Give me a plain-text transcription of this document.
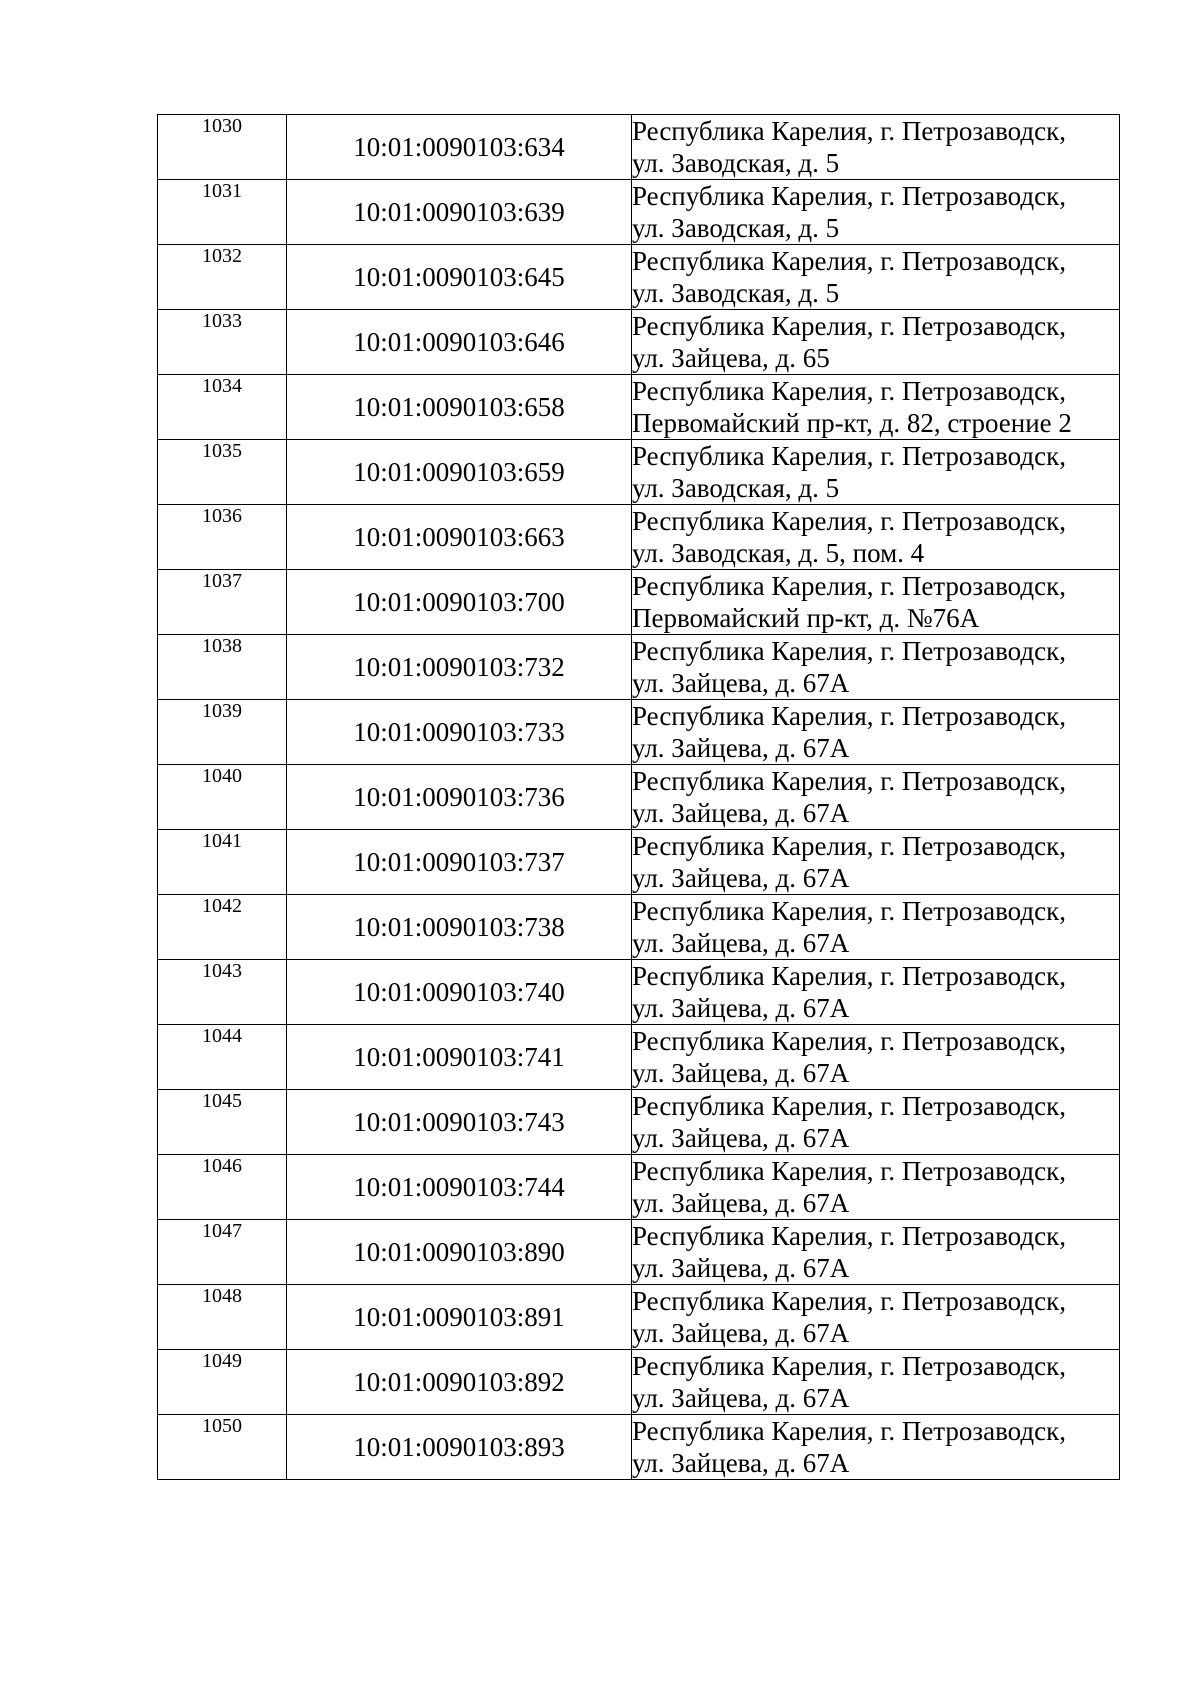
1030	10:01:0090103:634	Республика Карелия, г. Петрозаводск,
ул. Заводская, д. 5

1031	10:01:0090103:639	Республика Карелия, г. Петрозаводск,
ул. Заводская, д. 5

1032	10:01:0090103:645	Республика Карелия, г. Петрозаводск,
ул. Заводская, д. 5

1033	10:01:0090103:646	Республика Карелия, г. Петрозаводск,
ул. Зайцева, д. 65

1034	10:01:0090103:658	Республика Карелия, г. Петрозаводск,
Первомайский пр-кт, д. 82, строение 2

1035	10:01:0090103:659	Республика Карелия, г. Петрозаводск,
ул. Заводская, д. 5

1036	10:01:0090103:663	Республика Карелия, г. Петрозаводск,
ул. Заводская, д. 5, пом. 4

1037	10:01:0090103:700	Республика Карелия, г. Петрозаводск,
Первомайский пр-кт, д. №76А

1038	10:01:0090103:732	Республика Карелия, г. Петрозаводск,
ул. Зайцева, д. 67А

1039	10:01:0090103:733	Республика Карелия, г. Петрозаводск,
ул. Зайцева, д. 67А

1040	10:01:0090103:736	Республика Карелия, г. Петрозаводск,
ул. Зайцева, д. 67А

1041	10:01:0090103:737	Республика Карелия, г. Петрозаводск,
ул. Зайцева, д. 67А

1042	10:01:0090103:738	Республика Карелия, г. Петрозаводск,
ул. Зайцева, д. 67А

1043	10:01:0090103:740	Республика Карелия, г. Петрозаводск,
ул. Зайцева, д. 67А

1044	10:01:0090103:741	Республика Карелия, г. Петрозаводск,
ул. Зайцева, д. 67А

1045	10:01:0090103:743	Республика Карелия, г. Петрозаводск,
ул. Зайцева, д. 67А

1046	10:01:0090103:744	Республика Карелия, г. Петрозаводск,
ул. Зайцева, д. 67А

1047	10:01:0090103:890	Республика Карелия, г. Петрозаводск,
ул. Зайцева, д. 67А

1048	10:01:0090103:891	Республика Карелия, г. Петрозаводск,
ул. Зайцева, д. 67А

1049	10:01:0090103:892	Республика Карелия, г. Петрозаводск,
ул. Зайцева, д. 67А

1050	10:01:0090103:893	Республика Карелия, г. Петрозаводск,
ул. Зайцева, д. 67А
